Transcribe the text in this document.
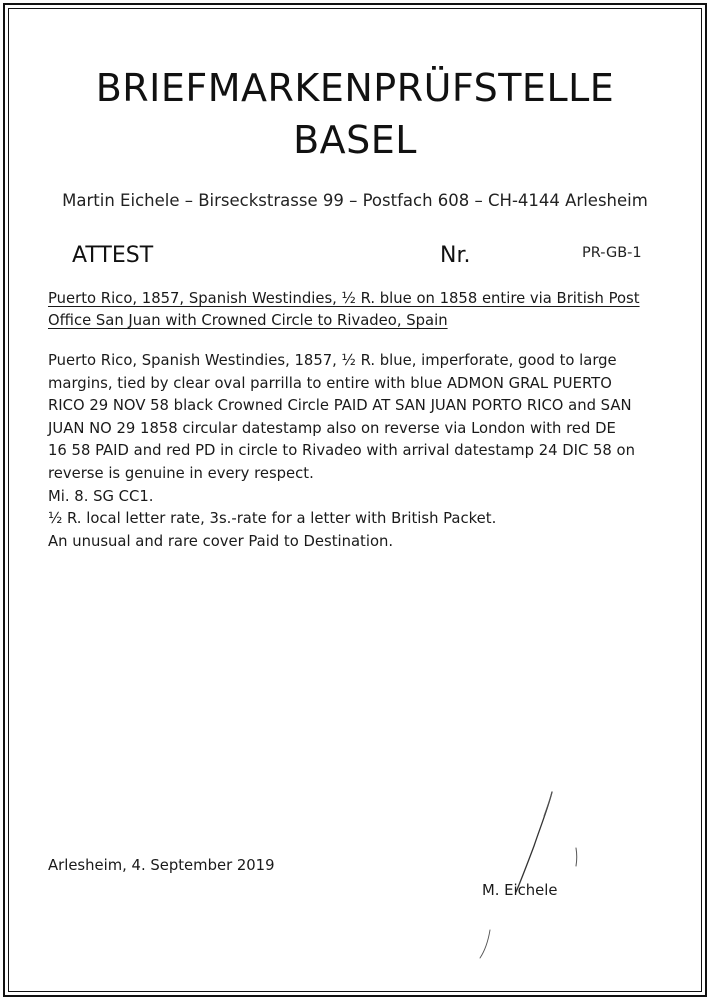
BRIEFMARKENPRÜFSTELLE
BASEL
Martin Eichele – Birseckstrasse 99 – Postfach 608 – CH-4144 Arlesheim
ATTEST	Nr.	PR-GB-1
Puerto Rico, 1857, Spanish Westindies, ½ R. blue on 1858 entire via British Post
Office San Juan with Crowned Circle to Rivadeo, Spain

Puerto Rico, Spanish Westindies, 1857, ½ R. blue, imperforate, good to large

margins, tied by clear oval parrilla to entire with blue ADMON GRAL PUERTO

RICO 29 NOV 58 black Crowned Circle PAID AT SAN JUAN PORTO RICO and SAN

JUAN NO 29 1858 circular datestamp also on reverse via London with red DE

16 58 PAID and red PD in circle to Rivadeo with arrival datestamp 24 DIC 58 on

reverse is genuine in every respect.

Mi. 8. SG CC1.

½ R. local letter rate, 3s.-rate for a letter with British Packet.

An unusual and rare cover Paid to Destination.

Arlesheim, 4. September 2019
M. Eichele
